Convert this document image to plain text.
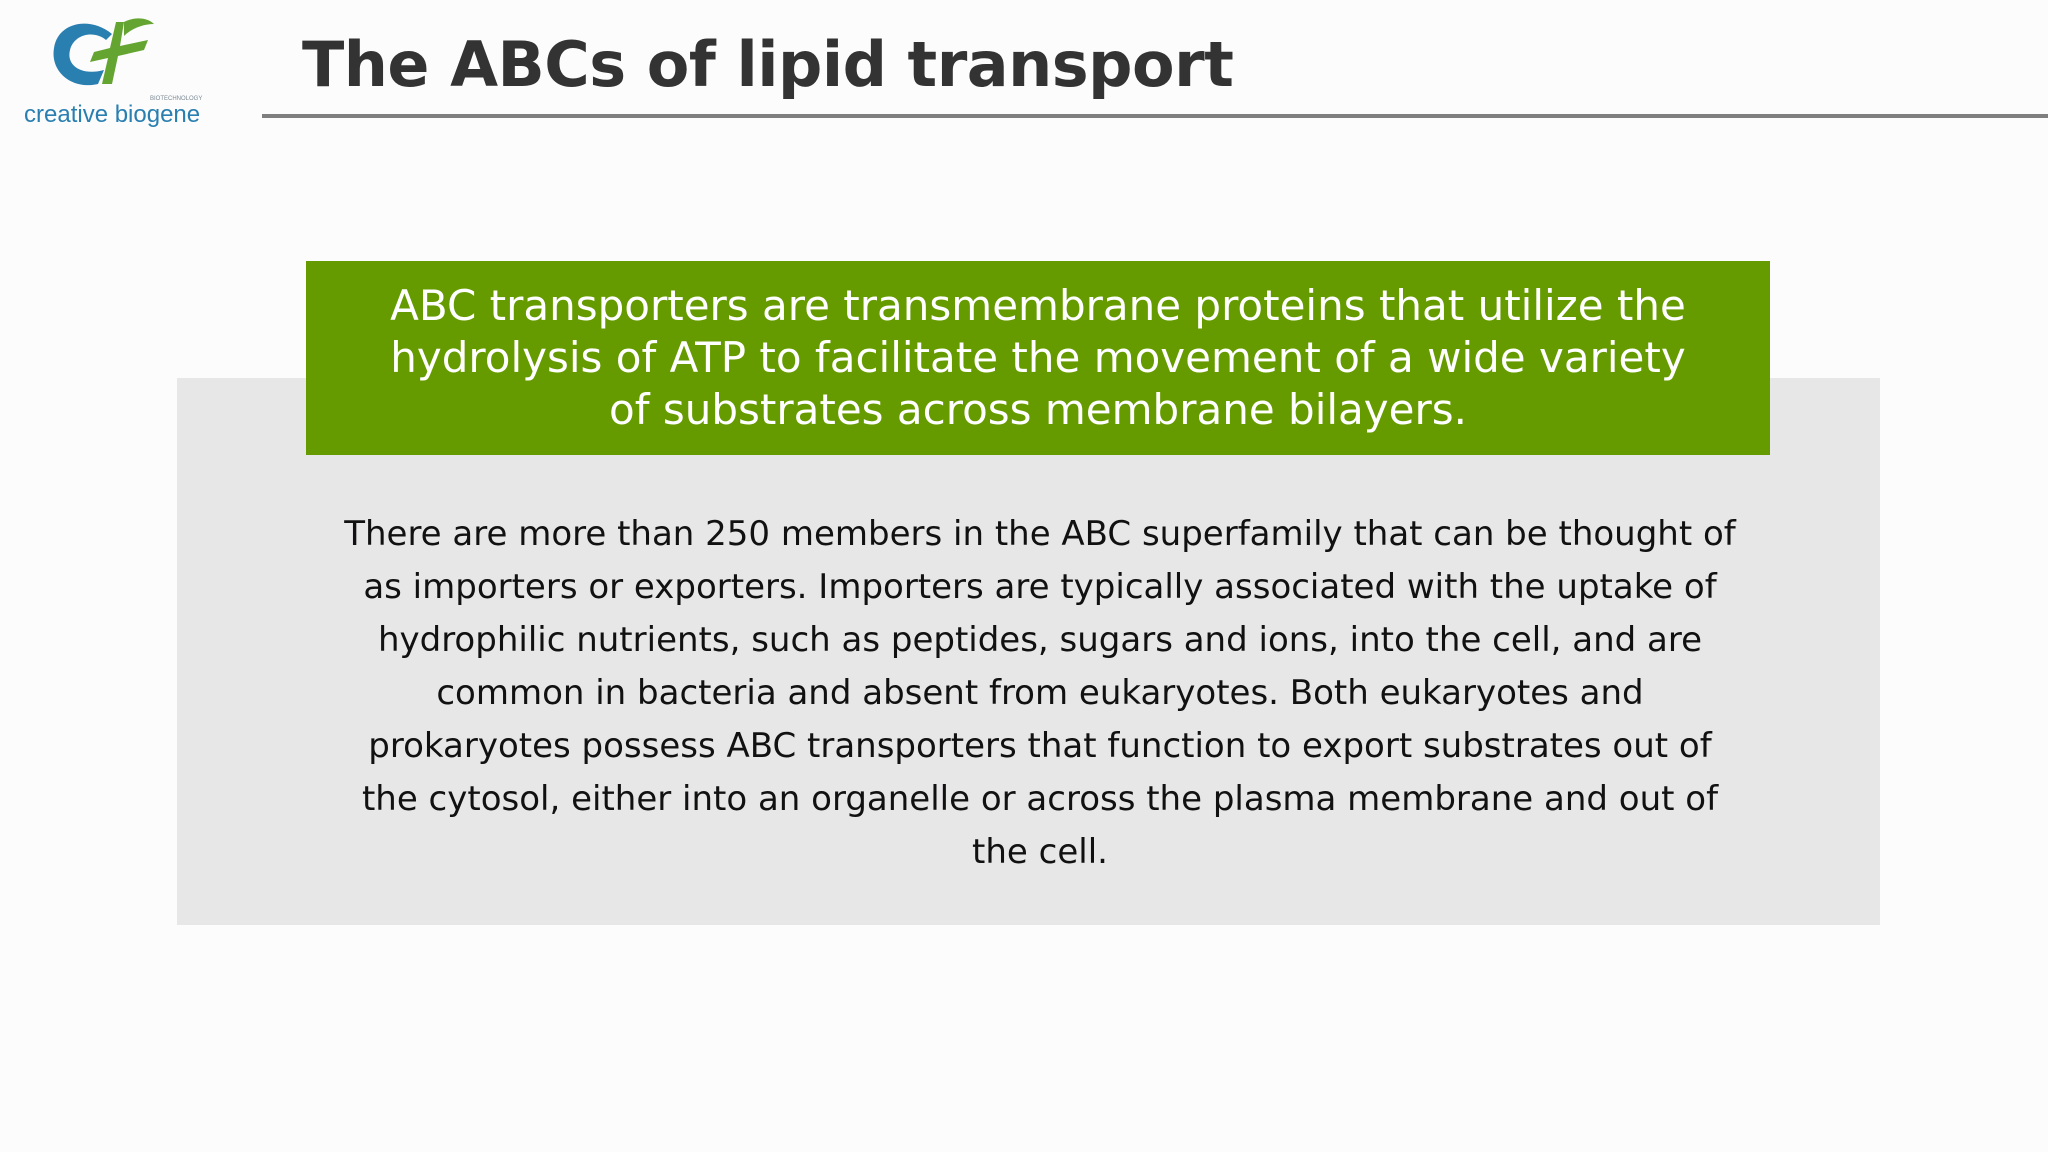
creative biogene
BIOTECHNOLOGY The ABCs of lipid transport
ABC transporters are transmembrane proteins that utilize the hydrolysis of ATP to facilitate the movement of a wide variety of substrates across membrane bilayers.
There are more than 250 members in the ABC superfamily that can be thought of as importers or exporters. Importers are typically associated with the uptake of hydrophilic nutrients, such as peptides, sugars and ions, into the cell, and are common in bacteria and absent from eukaryotes. Both eukaryotes and prokaryotes possess ABC transporters that function to export substrates out of the cytosol, either into an organelle or across the plasma membrane and out of the cell.
